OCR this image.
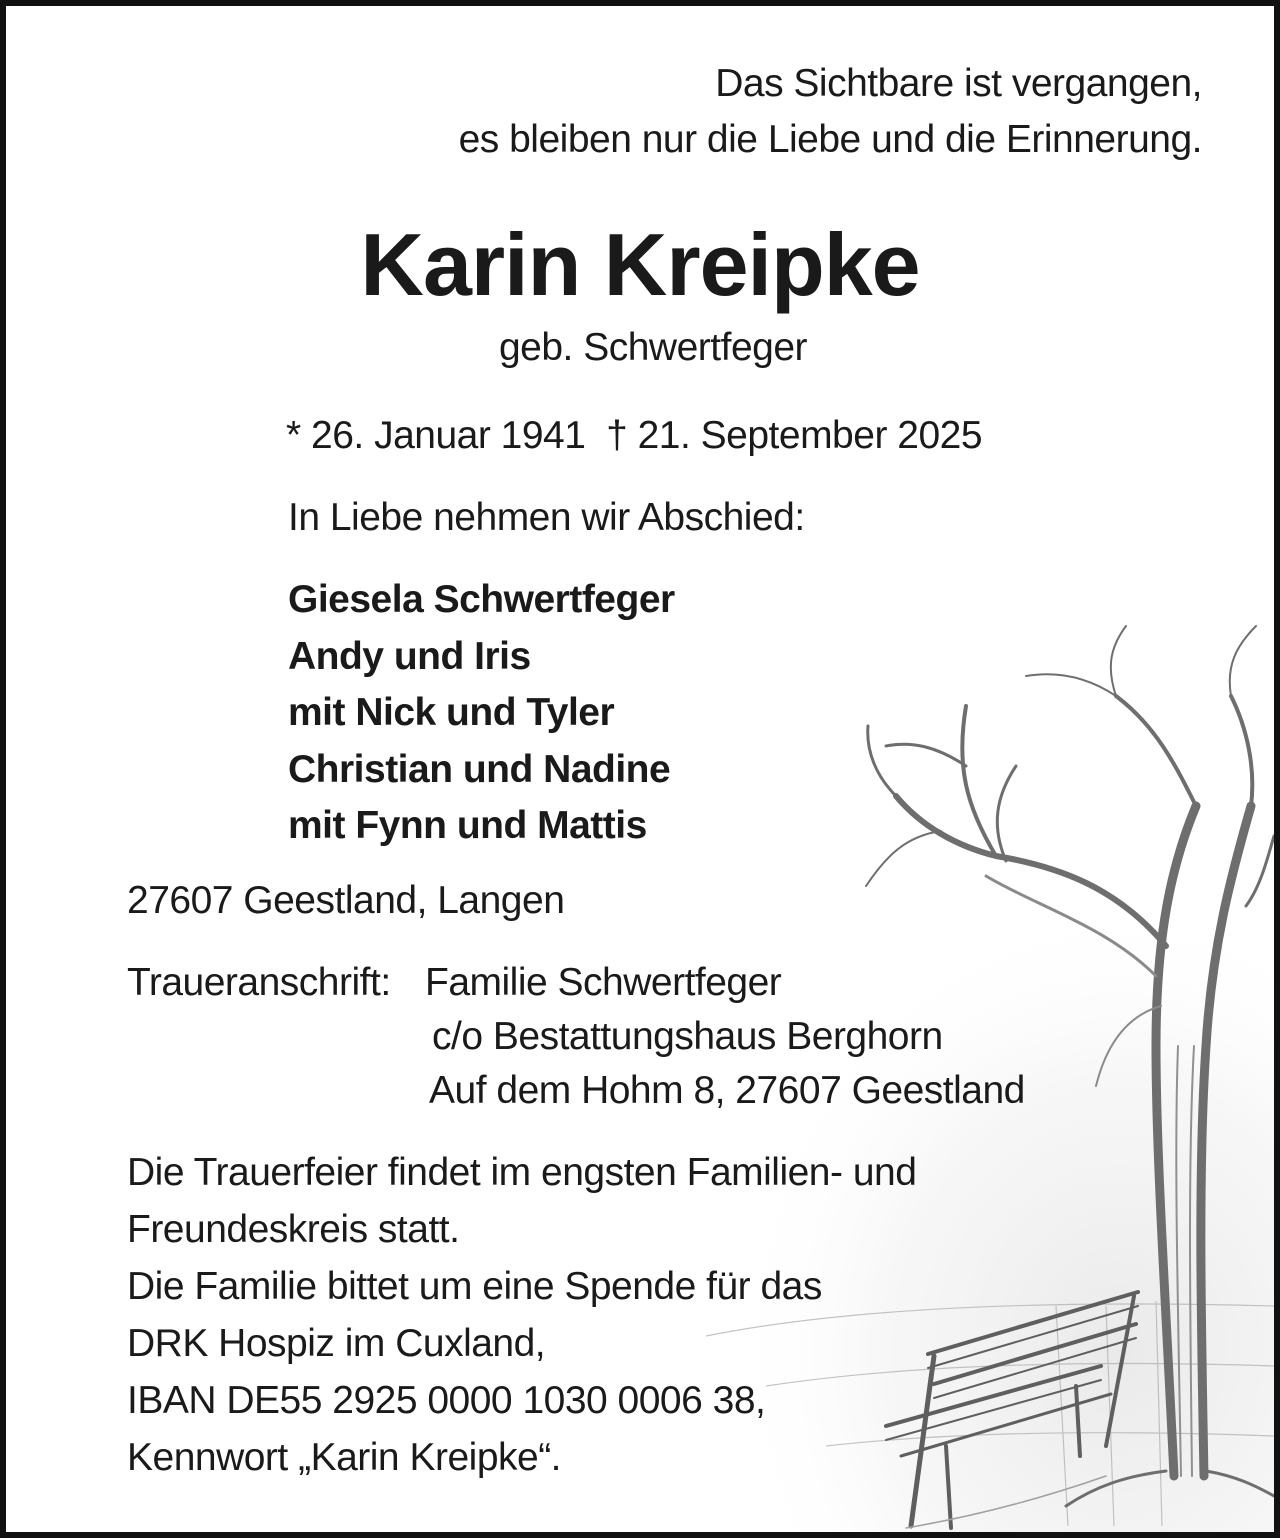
Das Sichtbare ist vergangen,
es bleiben nur die Liebe und die Erinnerung.
Karin Kreipke
geb. Schwertfeger
* 26. Januar 1941 † 21. September 2025
In Liebe nehmen wir Abschied:
Giesela Schwertfeger
Andy und Iris
mit Nick und Tyler
Christian und Nadine
mit Fynn und Mattis
27607 Geestland, Langen
Traueranschrift: Familie Schwertfeger
c/o Bestattungshaus Berghorn
Auf dem Hohm 8, 27607 Geestland
Die Trauerfeier findet im engsten Familien- und
Freundeskreis statt.
Die Familie bittet um eine Spende für das
DRK Hospiz im Cuxland,
IBAN DE55 2925 0000 1030 0006 38,
Kennwort „Karin Kreipke“.
